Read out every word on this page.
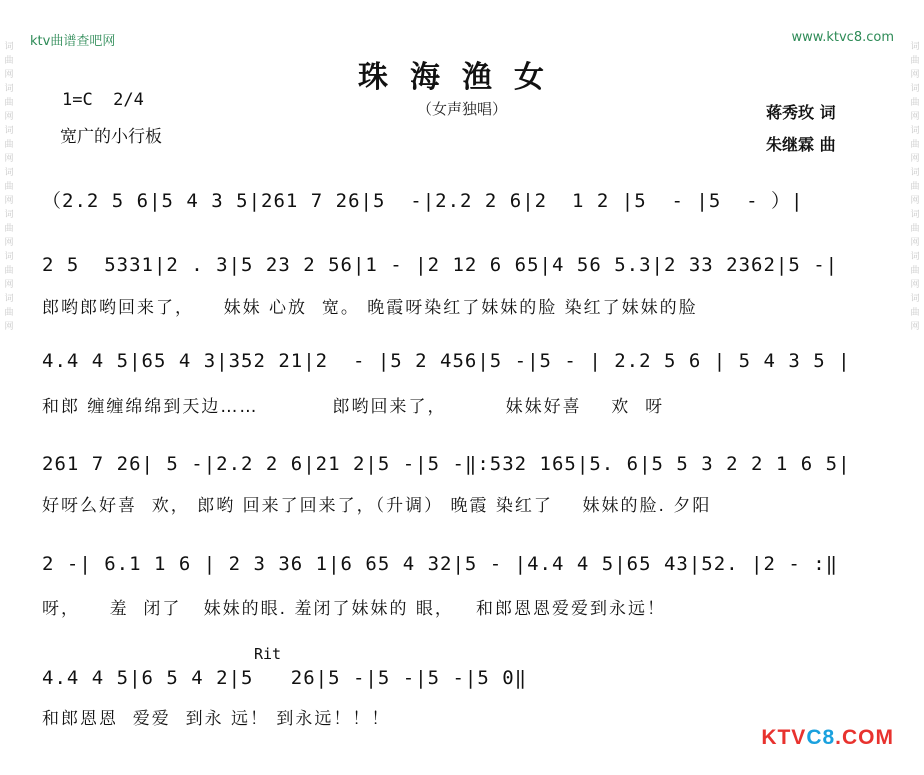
ktv曲谱查吧网	www.ktvc8.com
词曲网词曲网词曲网词曲网词曲网词曲网词曲网
词曲网词曲网词曲网词曲网词曲网词曲网词曲网
珠海渔女
（女声独唱）
1=C  2/4
宽广的小行板
蒋秀玫 词
朱继霖 曲
（2.2 5 6|5 4 3 5|261 7 26|5  -|2.2 2 6|2  1 2 |5  - |5  - ）|
2 5  5331|2 . 3|5 23 2 56|1 - |2 12 6 65|4 56 5.3|2 33 2362|5 -|
郎哟郎哟回来了，    妹妹 心放  宽。 晚霞呀染红了妹妹的脸 染红了妹妹的脸
4.4 4 5|65 4 3|352 21|2  - |5 2 456|5 -|5 - | 2.2 5 6 | 5 4 3 5 |
和郎 缠缠绵绵到天边……          郎哟回来了，        妹妹好喜    欢  呀
261 7 26| 5 -|2.2 2 6|21 2|5 -|5 -‖:532 165|5. 6|5 5 3 2 2 1 6 5|
好呀么好喜  欢， 郎哟 回来了回来了，（升调） 晚霞 染红了    妹妹的脸. 夕阳
2 -| 6.1 1 6 | 2 3 36 1|6 65 4 32|5 - |4.4 4 5|65 43|52. |2 - :‖
呀，    羞  闭了   妹妹的眼. 羞闭了妹妹的 眼，   和郎恩恩爱爱到永远！
Rit
4.4 4 5|6 5 4 2|5   26|5 -|5 -|5 -|5 0‖
和郎恩恩  爱爱  到永 远！ 到永远！！！
KTVC8.COM
